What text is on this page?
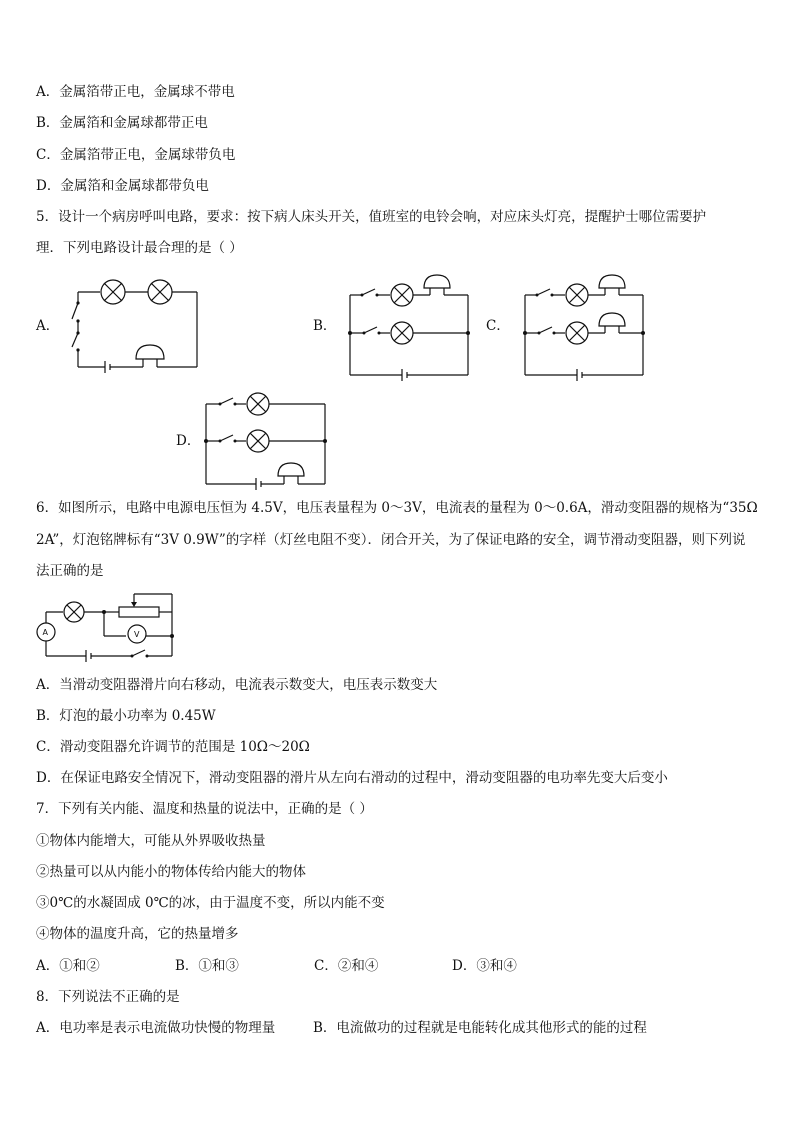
A．金属箔带正电，金属球不带电
B．金属箔和金属球都带正电
C．金属箔带正电，金属球带负电
D．金属箔和金属球都带负电
5．设计一个病房呼叫电路，要求：按下病人床头开关，值班室的电铃会响，对应床头灯亮，提醒护士哪位需要护
理．下列电路设计最合理的是（ ）
A．	B．	C．
D．
6．如图所示，电路中电源电压恒为 4.5V，电压表量程为 0～3V，电流表的量程为 0～0.6A，滑动变阻器的规格为“35Ω
2A”，灯泡铭牌标有“3V 0.9W”的字样（灯丝电阻不变）．闭合开关，为了保证电路的安全，调节滑动变阻器，则下列说
法正确的是
V
A
A．当滑动变阻器滑片向右移动，电流表示数变大，电压表示数变大
B．灯泡的最小功率为 0.45W
C．滑动变阻器允许调节的范围是 10Ω～20Ω
D．在保证电路安全情况下，滑动变阻器的滑片从左向右滑动的过程中，滑动变阻器的电功率先变大后变小
7．下列有关内能、温度和热量的说法中，正确的是（ ）
①物体内能增大，可能从外界吸收热量
②热量可以从内能小的物体传给内能大的物体
③0℃的水凝固成 0℃的冰，由于温度不变，所以内能不变
④物体的温度升高，它的热量增多
A．①和②	B．①和③	C．②和④	D．③和④
8．下列说法不正确的是
A．电功率是表示电流做功快慢的物理量	B．电流做功的过程就是电能转化成其他形式的能的过程
